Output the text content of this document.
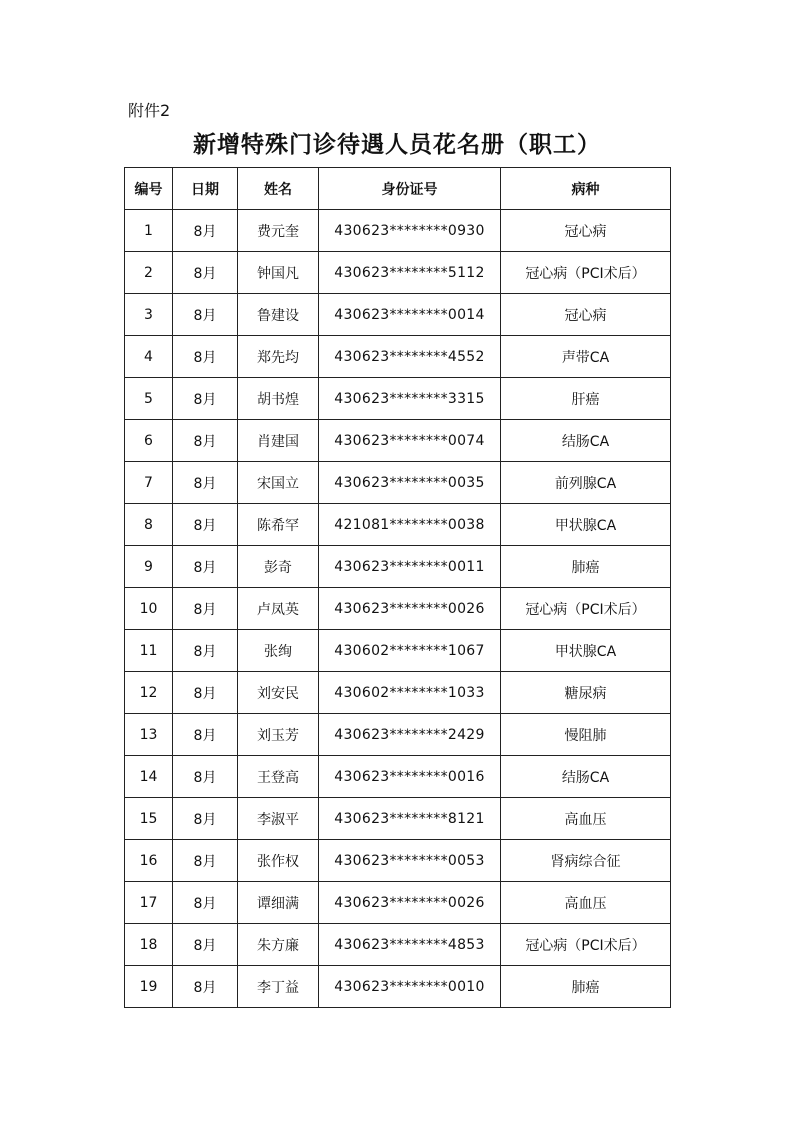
附件2
新增特殊门诊待遇人员花名册（职工）
编号	日期	姓名	身份证号	病种
1	8月	费元奎	430623********0930	冠心病
2	8月	钟国凡	430623********5112	冠心病（PCI术后）
3	8月	鲁建设	430623********0014	冠心病
4	8月	郑先均	430623********4552	声带CA
5	8月	胡书煌	430623********3315	肝癌
6	8月	肖建国	430623********0074	结肠CA
7	8月	宋国立	430623********0035	前列腺CA
8	8月	陈希罕	421081********0038	甲状腺CA
9	8月	彭奇	430623********0011	肺癌
10	8月	卢凤英	430623********0026	冠心病（PCI术后）
11	8月	张绚	430602********1067	甲状腺CA
12	8月	刘安民	430602********1033	糖尿病
13	8月	刘玉芳	430623********2429	慢阻肺
14	8月	王登高	430623********0016	结肠CA
15	8月	李淑平	430623********8121	高血压
16	8月	张作权	430623********0053	肾病综合征
17	8月	谭细满	430623********0026	高血压
18	8月	朱方廉	430623********4853	冠心病（PCI术后）
19	8月	李丁益	430623********0010	肺癌
